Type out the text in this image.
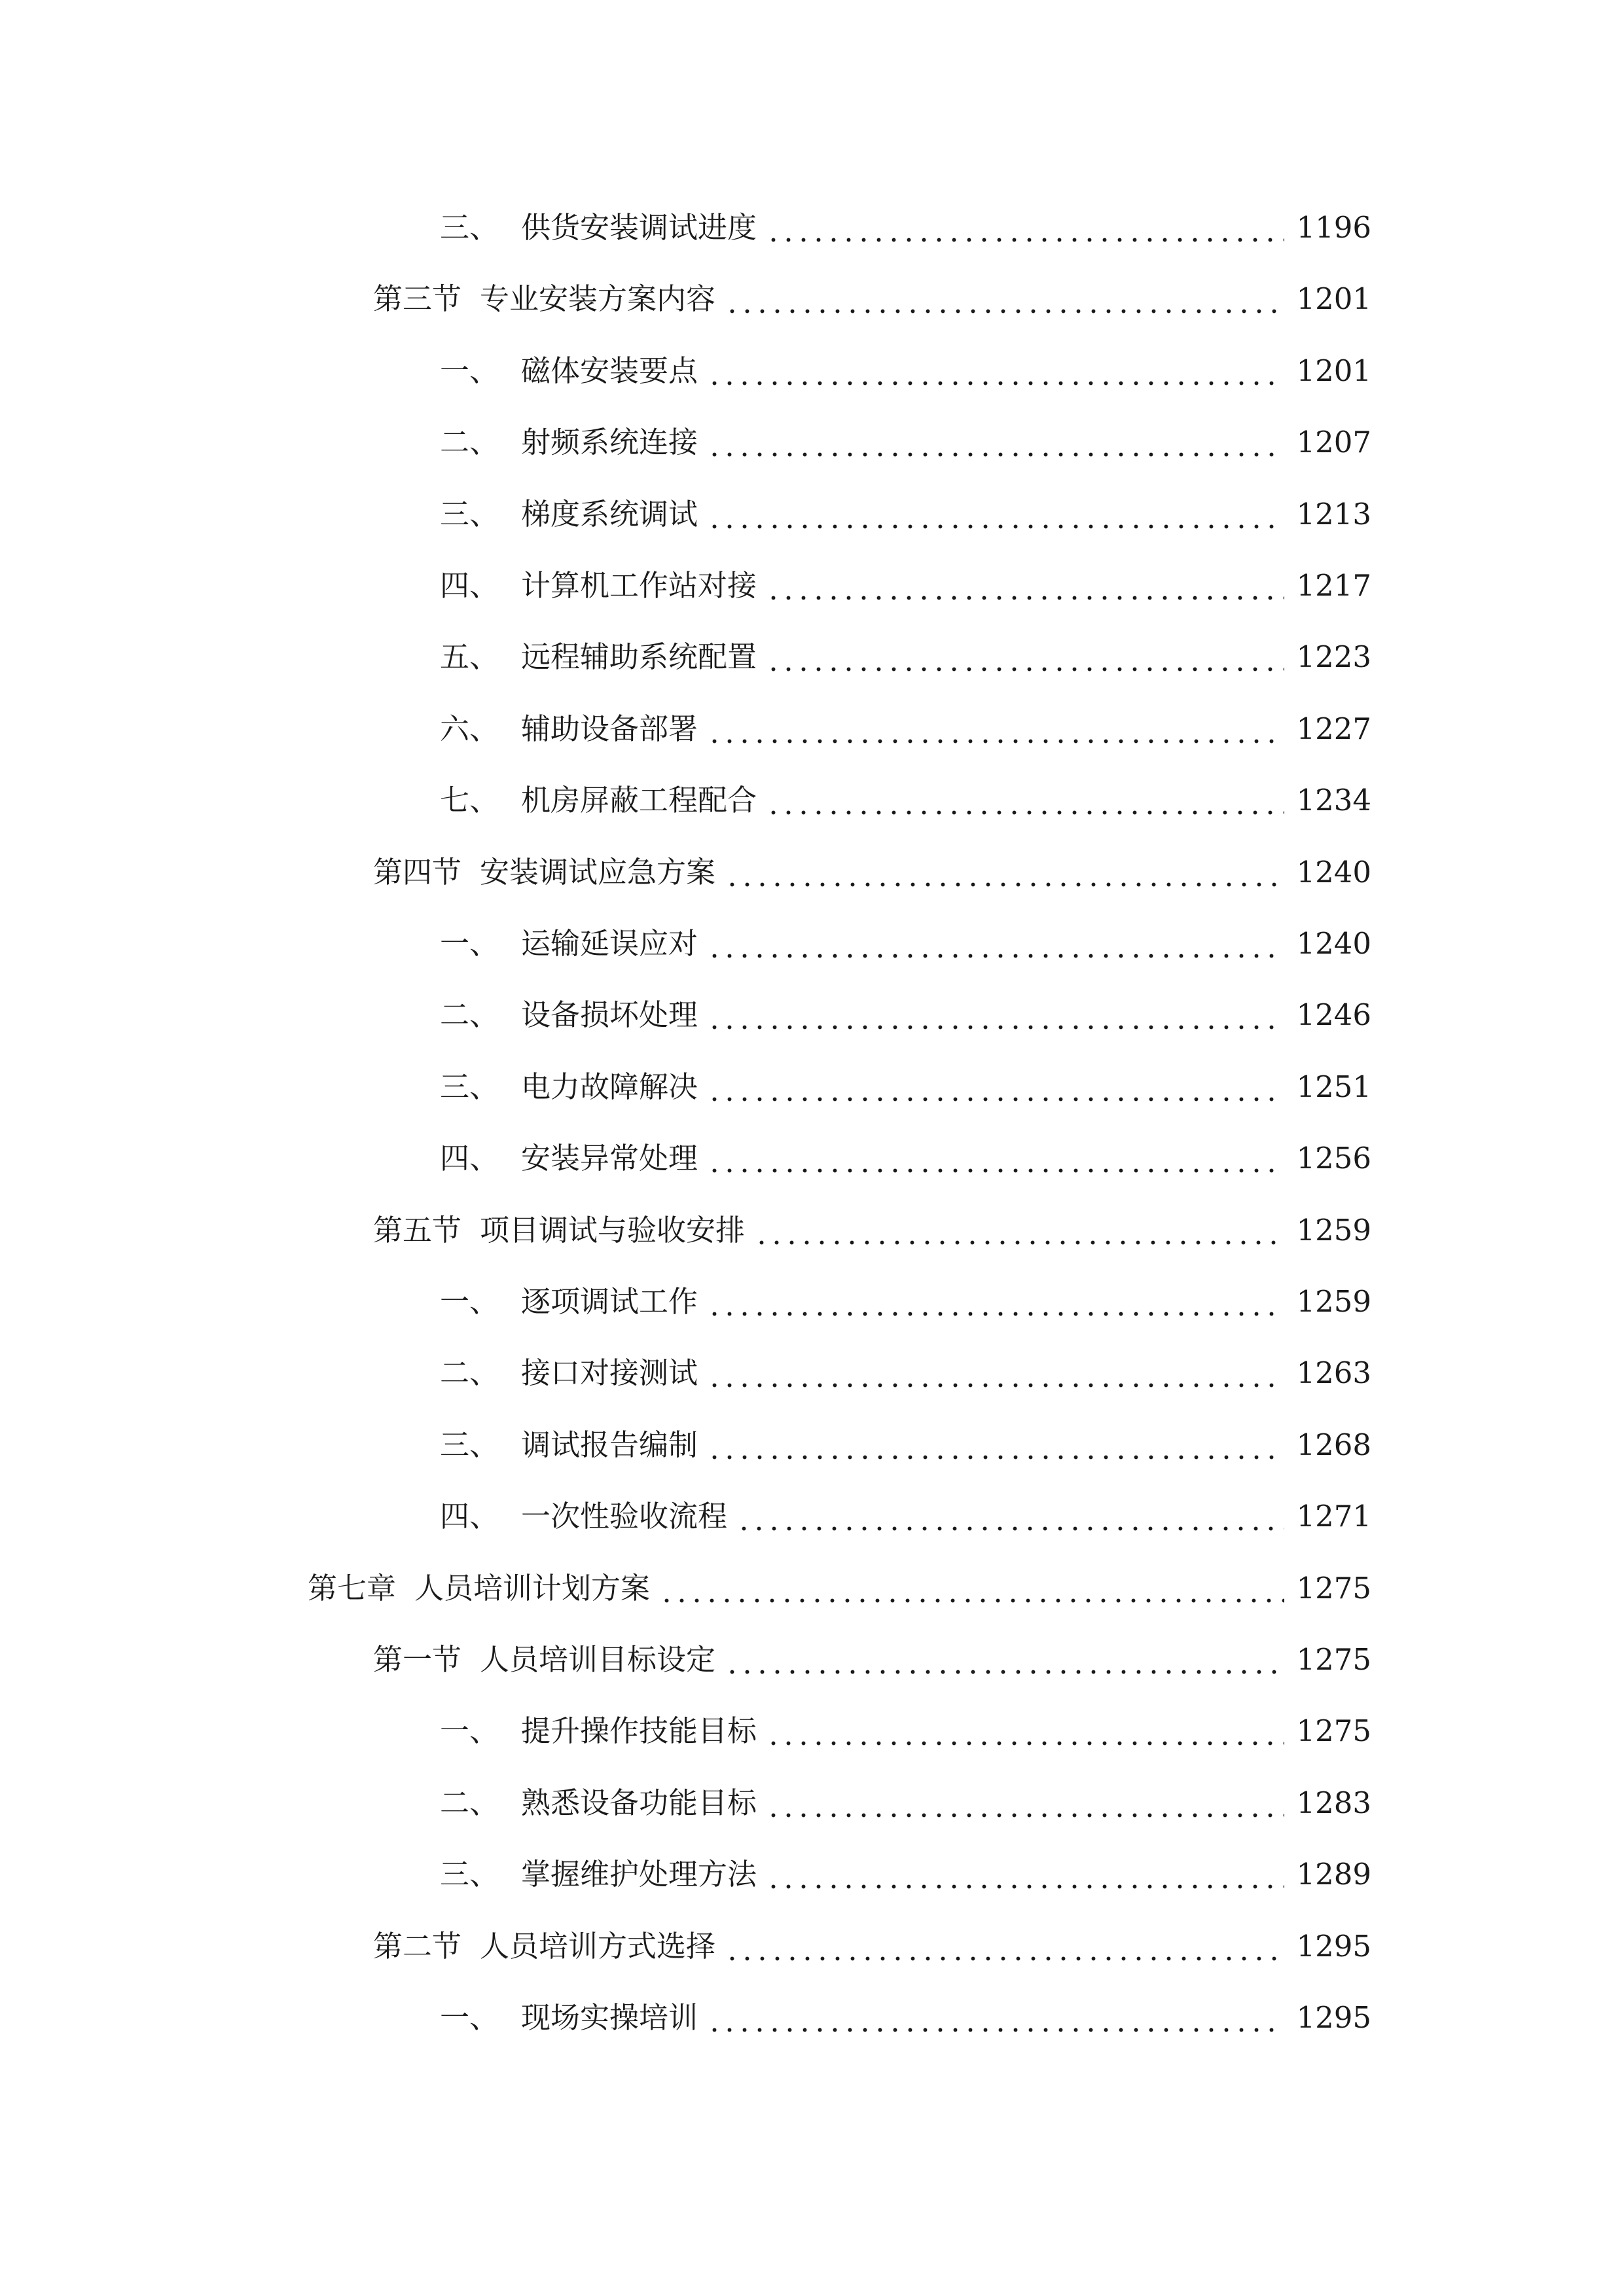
三、 供货安装调试进度	1196
第三节 专业安装方案内容	1201
一、 磁体安装要点	1201
二、 射频系统连接	1207
三、 梯度系统调试	1213
四、 计算机工作站对接	1217
五、 远程辅助系统配置	1223
六、 辅助设备部署	1227
七、 机房屏蔽工程配合	1234
第四节 安装调试应急方案	1240
一、 运输延误应对	1240
二、 设备损坏处理	1246
三、 电力故障解决	1251
四、 安装异常处理	1256
第五节 项目调试与验收安排	1259
一、 逐项调试工作	1259
二、 接口对接测试	1263
三、 调试报告编制	1268
四、 一次性验收流程	1271
第七章 人员培训计划方案	1275
第一节 人员培训目标设定	1275
一、 提升操作技能目标	1275
二、 熟悉设备功能目标	1283
三、 掌握维护处理方法	1289
第二节 人员培训方式选择	1295
一、 现场实操培训	1295
